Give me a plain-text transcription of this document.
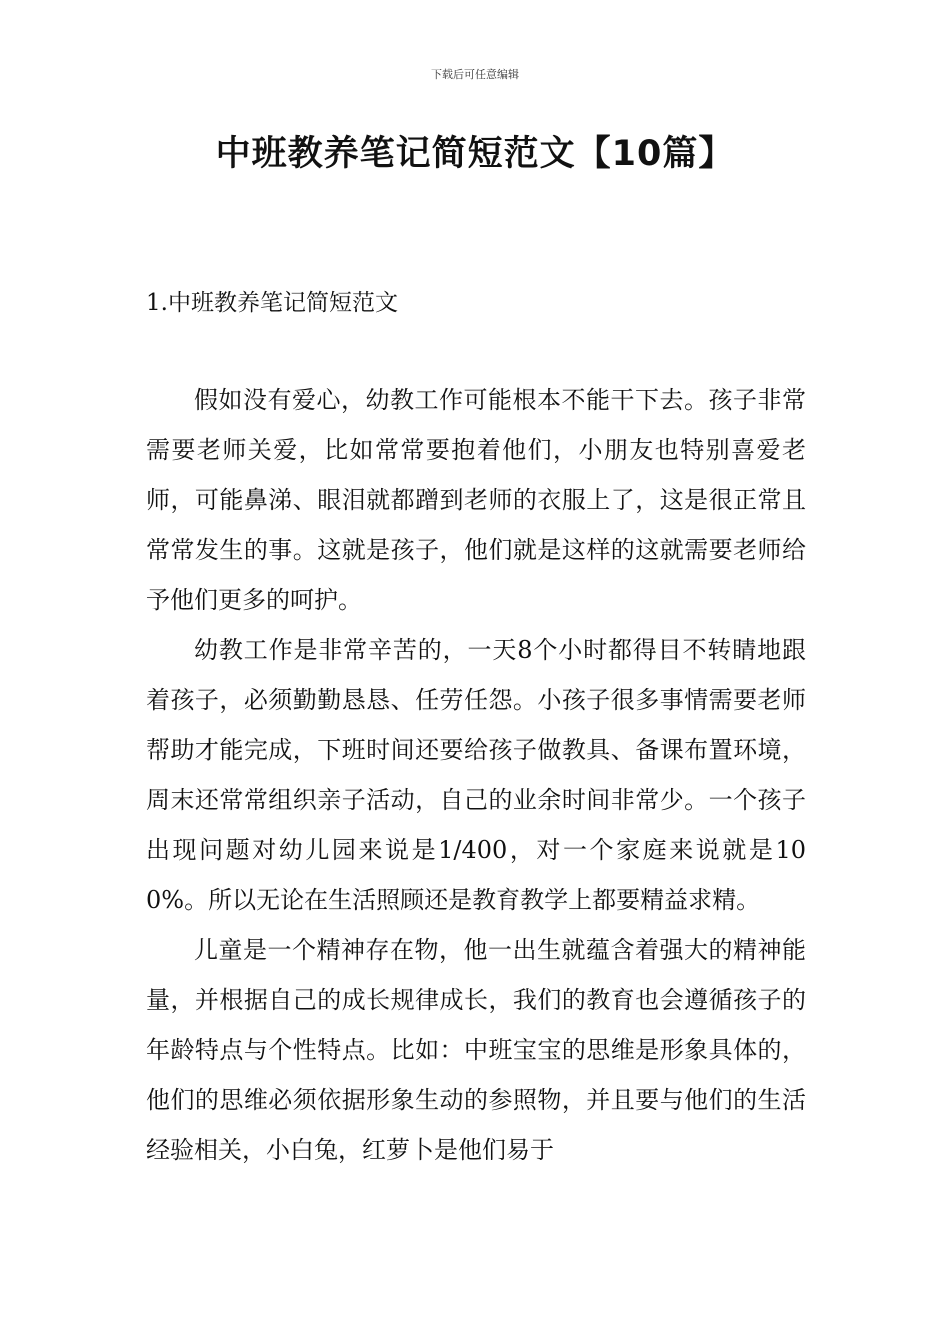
下载后可任意编辑
中班教养笔记简短范文【10篇】
1.中班教养笔记简短范文

假如没有爱心，幼教工作可能根本不能干下去。孩子非常需要老师关爱，比如常常要抱着他们，小朋友也特别喜爱老师，可能鼻涕、眼泪就都蹭到老师的衣服上了，这是很正常且常常发生的事。这就是孩子，他们就是这样的这就需要老师给予他们更多的呵护。

幼教工作是非常辛苦的，一天8个小时都得目不转睛地跟着孩子，必须勤勤恳恳、任劳任怨。小孩子很多事情需要老师帮助才能完成，下班时间还要给孩子做教具、备课布置环境，周末还常常组织亲子活动，自己的业余时间非常少。一个孩子出现问题对幼儿园来说是1/400，对一个家庭来说就是100%。所以无论在生活照顾还是教育教学上都要精益求精。

儿童是一个精神存在物，他一出生就蕴含着强大的精神能量，并根据自己的成长规律成长，我们的教育也会遵循孩子的年龄特点与个性特点。比如：中班宝宝的思维是形象具体的，他们的思维必须依据形象生动的参照物，并且要与他们的生活经验相关，小白兔，红萝卜是他们易于
